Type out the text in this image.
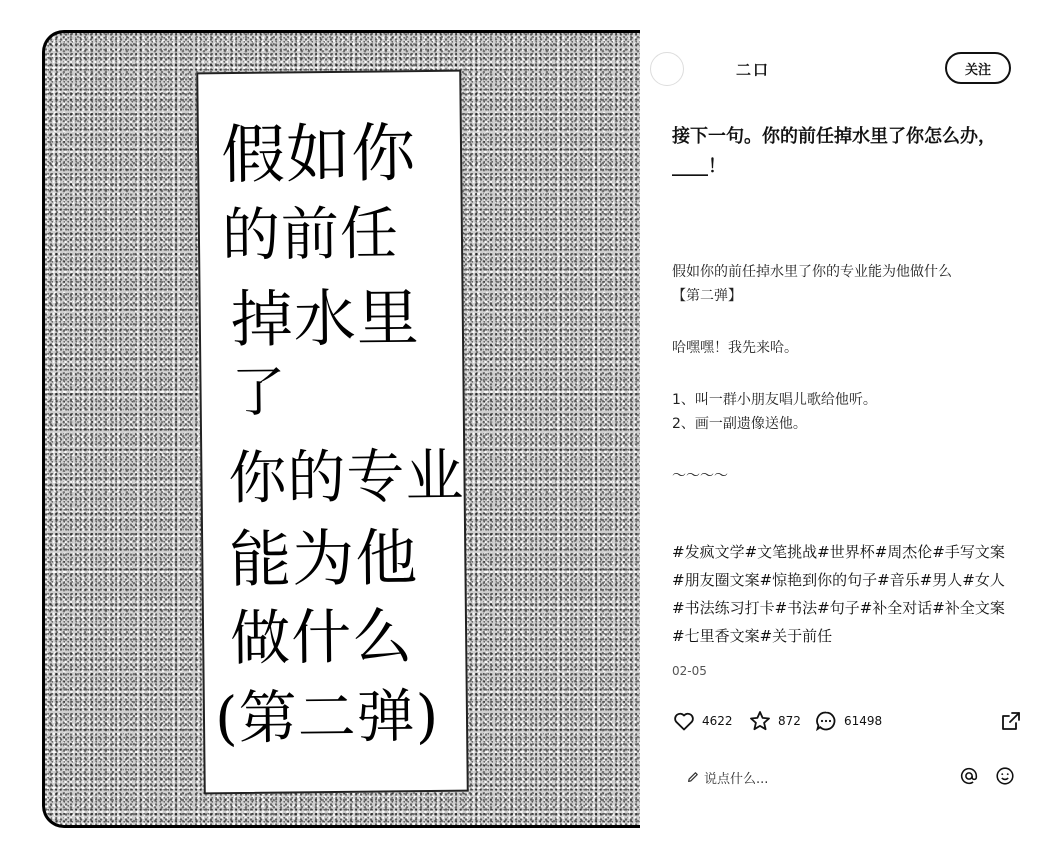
假如你
的前任
掉水里
了
你的专业
能为他
做什么
(第二弹)
二口	关注
接下一句。你的前任掉水里了你怎么办，____！

假如你的前任掉水里了你的专业能为他做什么

【第二弹】

哈嘿嘿！我先来哈。

1、叫一群小朋友唱儿歌给他听。

2、画一副遗像送他。

～～～～

#发疯文学#文笔挑战#世界杯#周杰伦#手写文案#朋友圈文案#惊艳到你的句子#音乐#男人#女人#书法练习打卡#书法#句子#补全对话#补全文案#七里香文案#关于前任
02-05
4622	872	61498
说点什么...
